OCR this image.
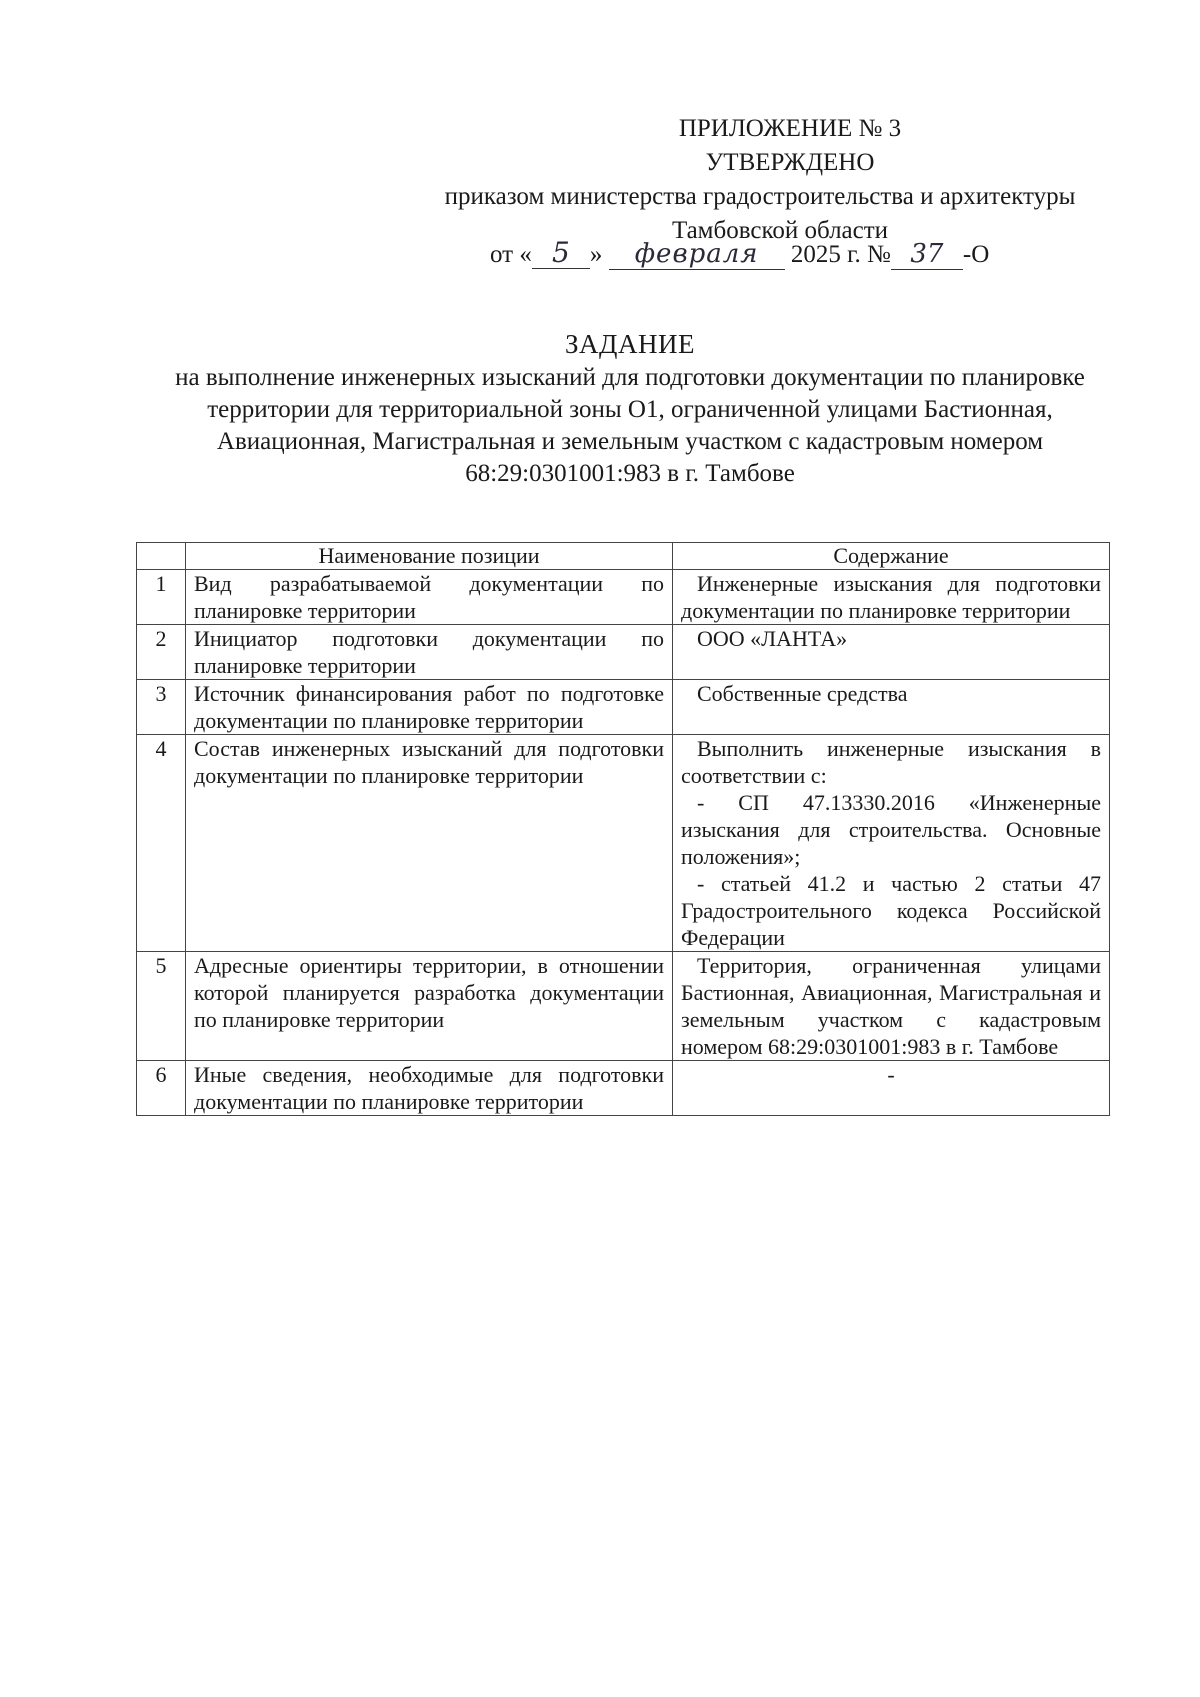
ПРИЛОЖЕНИЕ № 3
УТВЕРЖДЕНО
приказом министерства градостроительства и архитектуры
Тамбовской области
от « 5 » февраля 2025 г. № 37 -О
ЗАДАНИЕ
на выполнение инженерных изысканий для подготовки документации по планировке территории для территориальной зоны О1, ограниченной улицами Бастионная, Авиационная, Магистральная и земельным участком с кадастровым номером 68:29:0301001:983 в г. Тамбове
	Наименование позиции	Содержание
1	Вид разрабатываемой документации по планировке территории	Инженерные изыскания для подготовки документации по планировке территории

2	Инициатор подготовки документации по планировке территории	ООО «ЛАНТА»

3	Источник финансирования работ по подготовке документации по планировке территории	Собственные средства

4	Состав инженерных изысканий для подготовки документации по планировке территории	Выполнить инженерные изыскания в соответствии с:
- СП 47.13330.2016 «Инженерные изыскания для строительства. Основные положения»;
- статьей 41.2 и частью 2 статьи 47 Градостроительного кодекса Российской Федерации

5	Адресные ориентиры территории, в отношении которой планируется разработка документации по планировке территории	Территория, ограниченная улицами Бастионная, Авиационная, Магистральная и земельным участком с кадастровым номером 68:29:0301001:983 в г. Тамбове

6	Иные сведения, необходимые для подготовки документации по планировке территории	-
